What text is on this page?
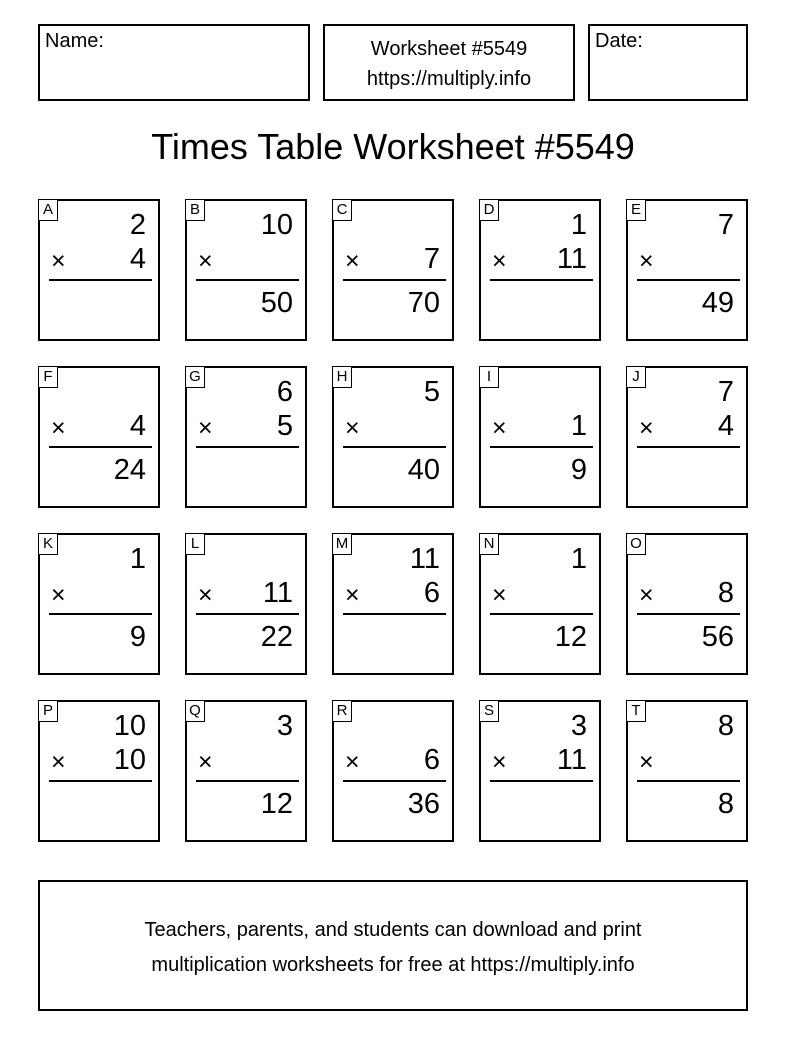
Name:	Worksheet #5549
https://multiply.info
Date:
Times Table Worksheet #5549
A	2
× 4
B 10
×
50
C
× 7
70
D	1
× 11
E	7
×
49
F
× 4
24
G	6
× 5
H	5
×
40
I
× 1
9
J	7
× 4
K	1
×
9
L
× 11
22
M 11
× 6
N	1
×
12
O
× 8
56
P 10
× 10
Q	3
×
12
R
× 6
36
S	3
× 11
T	8
×
8
Teachers, parents, and students can download and print
multiplication worksheets for free at https://multiply.info
